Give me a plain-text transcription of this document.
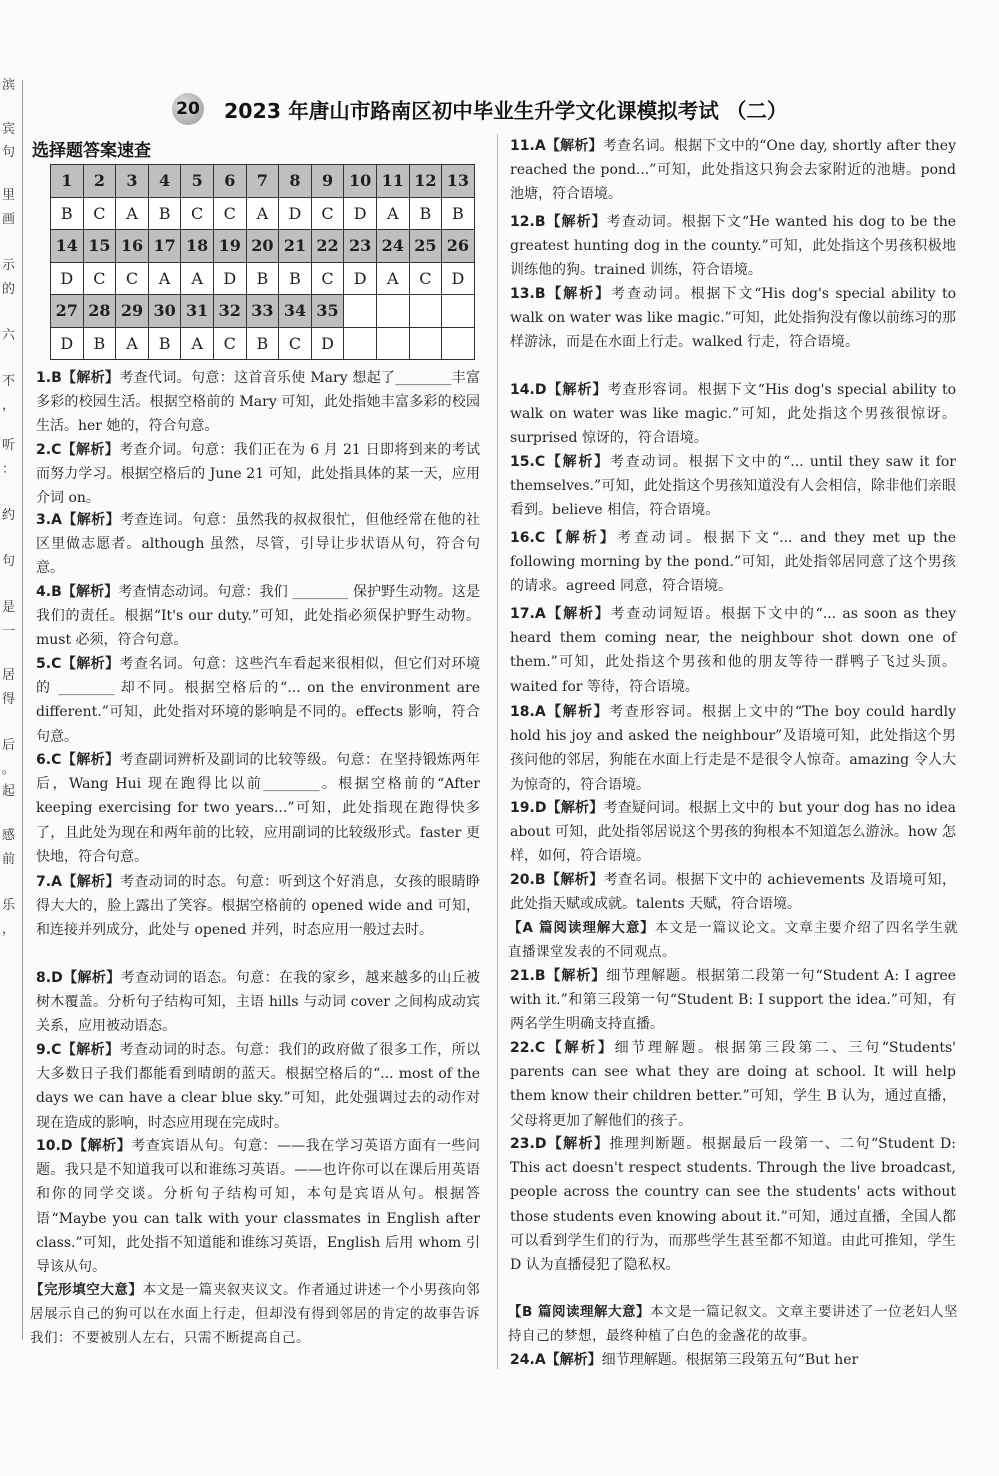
滨
宾
句
里
画
示
的
六
不
，
听
：
约
句
是
一
居
得
后
。
起
感
前
乐
，
20 2023 年唐山市路南区初中毕业生升学文化课模拟考试 （二）
选择题答案速查
1	2	3	4	5	6	7	8	9	10	11	12	13
B	C	A	B	C	C	A	D	C	D	A	B	B
14	15	16	17	18	19	20	21	22	23	24	25	26
D	C	C	A	A	D	B	B	C	D	A	C	D
27	28	29	30	31	32	33	34	35				
D	B	A	B	A	C	B	C	D				
1.B【解析】考查代词。句意：这首音乐使 Mary 想起了________丰富多彩的校园生活。根据空格前的 Mary 可知，此处指她丰富多彩的校园生活。her 她的，符合句意。
2.C【解析】考查介词。句意：我们正在为 6 月 21 日即将到来的考试而努力学习。根据空格后的 June 21 可知，此处指具体的某一天，应用介词 on。
3.A【解析】考查连词。句意：虽然我的叔叔很忙，但他经常在他的社区里做志愿者。although 虽然，尽管，引导让步状语从句，符合句意。
4.B【解析】考查情态动词。句意：我们 ________ 保护野生动物。这是我们的责任。根据“It's our duty.”可知，此处指必须保护野生动物。must 必须，符合句意。
5.C【解析】考查名词。句意：这些汽车看起来很相似，但它们对环境的 ________ 却不同。根据空格后的“... on the environment are different.”可知，此处指对环境的影响是不同的。effects 影响，符合句意。
6.C【解析】考查副词辨析及副词的比较等级。句意：在坚持锻炼两年后，Wang Hui 现在跑得比以前________。根据空格前的“After keeping exercising for two years...”可知，此处指现在跑得快多了，且此处为现在和两年前的比较，应用副词的比较级形式。faster 更快地，符合句意。
7.A【解析】考查动词的时态。句意：听到这个好消息，女孩的眼睛睁得大大的，脸上露出了笑容。根据空格前的 opened wide and 可知，和连接并列成分，此处与 opened 并列，时态应用一般过去时。
8.D【解析】考查动词的语态。句意：在我的家乡，越来越多的山丘被树木覆盖。分析句子结构可知，主语 hills 与动词 cover 之间构成动宾关系，应用被动语态。
9.C【解析】考查动词的时态。句意：我们的政府做了很多工作，所以大多数日子我们都能看到晴朗的蓝天。根据空格后的“... most of the days we can have a clear blue sky.”可知，此处强调过去的动作对现在造成的影响，时态应用现在完成时。
10.D【解析】考查宾语从句。句意：——我在学习英语方面有一些问题。我只是不知道我可以和谁练习英语。——也许你可以在课后用英语和你的同学交谈。分析句子结构可知，本句是宾语从句。根据答语“Maybe you can talk with your classmates in English after class.”可知，此处指不知道能和谁练习英语，English 后用 whom 引导该从句。
【完形填空大意】本文是一篇夹叙夹议文。作者通过讲述一个小男孩向邻居展示自己的狗可以在水面上行走，但却没有得到邻居的肯定的故事告诉我们：不要被别人左右，只需不断提高自己。
11.A【解析】考查名词。根据下文中的“One day, shortly after they reached the pond...”可知，此处指这只狗会去家附近的池塘。pond 池塘，符合语境。
12.B【解析】考查动词。根据下文“He wanted his dog to be the greatest hunting dog in the county.”可知，此处指这个男孩积极地训练他的狗。trained 训练，符合语境。
13.B【解析】考查动词。根据下文“His dog's special ability to walk on water was like magic.”可知，此处指狗没有像以前练习的那样游泳，而是在水面上行走。walked 行走，符合语境。
14.D【解析】考查形容词。根据下文“His dog's special ability to walk on water was like magic.”可知，此处指这个男孩很惊讶。surprised 惊讶的，符合语境。
15.C【解析】考查动词。根据下文中的“... until they saw it for themselves.”可知，此处指这个男孩知道没有人会相信，除非他们亲眼看到。believe 相信，符合语境。
16.C【解析】考查动词。根据下文“... and they met up the following morning by the pond.”可知，此处指邻居同意了这个男孩的请求。agreed 同意，符合语境。
17.A【解析】考查动词短语。根据下文中的“... as soon as they heard them coming near, the neighbour shot down one of them.”可知，此处指这个男孩和他的朋友等待一群鸭子飞过头顶。waited for 等待，符合语境。
18.A【解析】考查形容词。根据上文中的“The boy could hardly hold his joy and asked the neighbour”及语境可知，此处指这个男孩问他的邻居，狗能在水面上行走是不是很令人惊奇。amazing 令人大为惊奇的，符合语境。
19.D【解析】考查疑问词。根据上文中的 but your dog has no idea about 可知，此处指邻居说这个男孩的狗根本不知道怎么游泳。how 怎样，如何，符合语境。
20.B【解析】考查名词。根据下文中的 achievements 及语境可知，此处指天赋或成就。talents 天赋，符合语境。
【A 篇阅读理解大意】本文是一篇议论文。文章主要介绍了四名学生就直播课堂发表的不同观点。
21.B【解析】细节理解题。根据第二段第一句“Student A: I agree with it.”和第三段第一句“Student B: I support the idea.”可知，有两名学生明确支持直播。
22.C【解析】细节理解题。根据第三段第二、三句“Students' parents can see what they are doing at school. It will help them know their children better.”可知，学生 B 认为，通过直播，父母将更加了解他们的孩子。
23.D【解析】推理判断题。根据最后一段第一、二句“Student D: This act doesn't respect students. Through the live broadcast, people across the country can see the students' acts without those students even knowing about it.”可知，通过直播，全国人都可以看到学生们的行为，而那些学生甚至都不知道。由此可推知，学生 D 认为直播侵犯了隐私权。
【B 篇阅读理解大意】本文是一篇记叙文。文章主要讲述了一位老妇人坚持自己的梦想，最终种植了白色的金盏花的故事。
24.A【解析】细节理解题。根据第三段第五句“But her
